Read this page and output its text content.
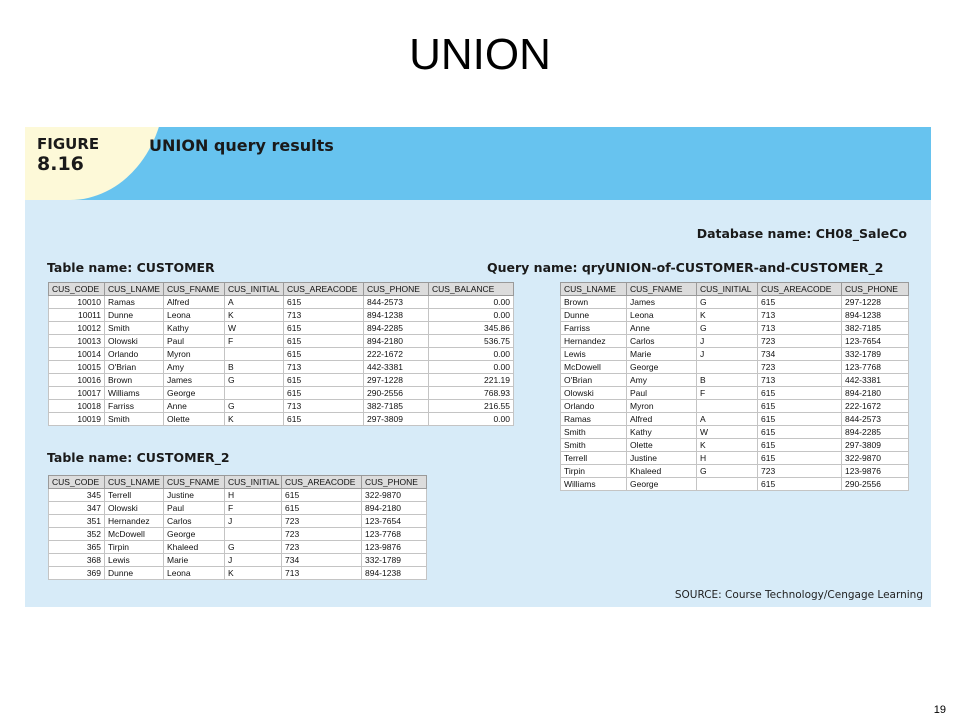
UNION
FIGURE
8.16
UNION query results
Database name: CH08_SaleCo
Table name: CUSTOMER
CUS_CODE	CUS_LNAME	CUS_FNAME	CUS_INITIAL	CUS_AREACODE	CUS_PHONE	CUS_BALANCE
10010	Ramas	Alfred	A	615	844-2573	0.00
10011	Dunne	Leona	K	713	894-1238	0.00
10012	Smith	Kathy	W	615	894-2285	345.86
10013	Olowski	Paul	F	615	894-2180	536.75
10014	Orlando	Myron		615	222-1672	0.00
10015	O'Brian	Amy	B	713	442-3381	0.00
10016	Brown	James	G	615	297-1228	221.19
10017	Williams	George		615	290-2556	768.93
10018	Farriss	Anne	G	713	382-7185	216.55
10019	Smith	Olette	K	615	297-3809	0.00
Table name: CUSTOMER_2
CUS_CODE	CUS_LNAME	CUS_FNAME	CUS_INITIAL	CUS_AREACODE	CUS_PHONE
345	Terrell	Justine	H	615	322-9870
347	Olowski	Paul	F	615	894-2180
351	Hernandez	Carlos	J	723	123-7654
352	McDowell	George		723	123-7768
365	Tirpin	Khaleed	G	723	123-9876
368	Lewis	Marie	J	734	332-1789
369	Dunne	Leona	K	713	894-1238
Query name: qryUNION-of-CUSTOMER-and-CUSTOMER_2
CUS_LNAME	CUS_FNAME	CUS_INITIAL	CUS_AREACODE	CUS_PHONE
Brown	James	G	615	297-1228
Dunne	Leona	K	713	894-1238
Farriss	Anne	G	713	382-7185
Hernandez	Carlos	J	723	123-7654
Lewis	Marie	J	734	332-1789
McDowell	George		723	123-7768
O'Brian	Amy	B	713	442-3381
Olowski	Paul	F	615	894-2180
Orlando	Myron		615	222-1672
Ramas	Alfred	A	615	844-2573
Smith	Kathy	W	615	894-2285
Smith	Olette	K	615	297-3809
Terrell	Justine	H	615	322-9870
Tirpin	Khaleed	G	723	123-9876
Williams	George		615	290-2556
SOURCE: Course Technology/Cengage Learning
19
